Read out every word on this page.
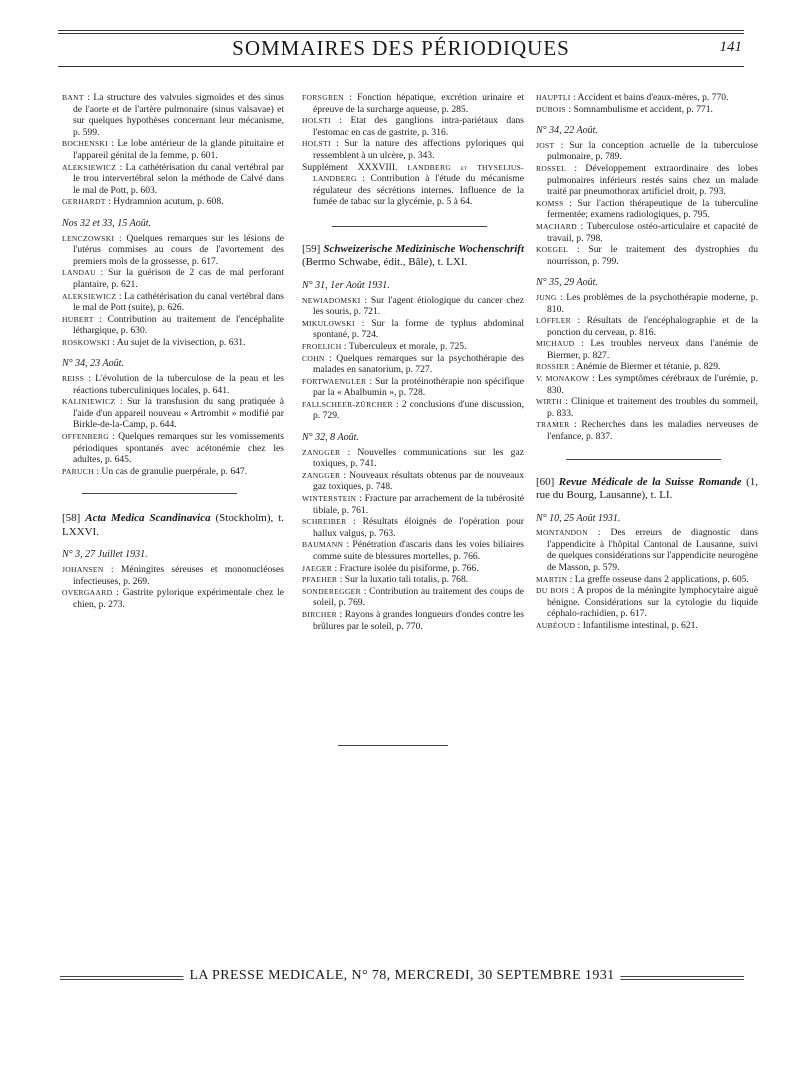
SOMMAIRES DES PÉRIODIQUES	141
BANT : La structure des valvules sigmoïdes et des sinus de l'aorte et de l'artère pulmonaire (sinus valsavae) et sur quelques hypothèses concernant leur mécanisme, p. 599.
BOCHENSKI : Le lobe antérieur de la glande pituitaire et l'appareil génital de la femme, p. 601.
ALEKSIEWICZ : La cathétérisation du canal vertébral par le trou intervertébral selon la méthode de Calvé dans le mal de Pott, p. 603.
GERHARDT : Hydramnion acutum, p. 608.
Nos 32 et 33, 15 Août.
LENCZOWSKI : Quelques remarques sur les lésions de l'utérus commises au cours de l'avortement des premiers mois de la grossesse, p. 617.
LANDAU : Sur la guérison de 2 cas de mal perforant plantaire, p. 621.
ALEKSIEWICZ : La cathétérisation du canal vertébral dans le mal de Pott (suite), p. 626.
HUBERT : Contribution au traitement de l'encéphalite léthargique, p. 630.
ROSKOWSKI : Au sujet de la vivisection, p. 631.
N° 34, 23 Août.
REISS : L'évolution de la tuberculose de la peau et les réactions tuberculiniques locales, p. 641.
KALINIEWICZ : Sur la transfusion du sang pratiquée à l'aide d'un appareil nouveau « Artrombit » modifié par Birkle-de-la-Camp, p. 644.
OFFENBERG : Quelques remarques sur les vomissements périodiques spontanés avec acétonémie chez les adultes, p. 645.
PARUCH : Un cas de granulie puerpérale, p. 647.
[58] Acta Medica Scandinavica (Stockholm), t. LXXVI.
N° 3, 27 Juillet 1931.
JOHANSEN : Méningites séreuses et mononucléoses infectieuses, p. 269.
OVERGAARD : Gastrite pylorique expérimentale chez le chien, p. 273.
FORSGREN : Fonction hépatique, excrétion urinaire et épreuve de la surcharge aqueuse, p. 285.
HOLSTI : Etat des ganglions intra-pariétaux dans l'estomac en cas de gastrite, p. 316.
HOLSTI : Sur la nature des affections pyloriques qui ressemblent à un ulcère, p. 343.
Supplément XXXVIII. LANDBERG et THYSELIUS-LANDBERG : Contribution à l'étude du mécanisme régulateur des sécrétions internes. Influence de la fumée de tabac sur la glycémie, p. 5 à 64.
[59] Schweizerische Medizinische Wochenschrift (Bermo Schwabe, édit., Bâle), t. LXI.
N° 31, 1er Août 1931.
NEWIADOMSKI : Sur l'agent étiologique du cancer chez les souris, p. 721.
MIKULOWSKI : Sur la forme de typhus abdominal spontané, p. 724.
FROELICH : Tuberculeux et morale, p. 725.
COHN : Quelques remarques sur la psychothérapie des malades en sanatorium, p. 727.
FORTWAENGLER : Sur la protéinothérapie non spécifique par la « Abalbumin », p. 728.
FALLSCHEER-ZÜRCHER : 2 conclusions d'une discussion, p. 729.
N° 32, 8 Août.
ZANGGER : Nouvelles communications sur les gaz toxiques, p. 741.
ZANGGER : Nouveaux résultats obtenus par de nouveaux gaz toxiques, p. 748.
WINTERSTEIN : Fracture par arrachement de la tubérosité tibiale, p. 761.
SCHREIBER : Résultats éloignés de l'opération pour hallux valgus, p. 763.
BAUMANN : Pénétration d'ascaris dans les voies biliaires comme suite de blessures mortelles, p. 766.
JAEGER : Fracture isolée du pisiforme, p. 766.
PFAEHER : Sur la luxatio tali totalis, p. 768.
SONDEREGGER : Contribution au traitement des coups de soleil, p. 769.
BIRCHER : Rayons à grandes longueurs d'ondes contre les brûlures par le soleil, p. 770.
HAUPTLI : Accident et bains d'eaux-mères, p. 770.
DUBOIS : Somnambulisme et accident, p. 771.
N° 34, 22 Août.
JOST : Sur la conception actuelle de la tuberculose pulmonaire, p. 789.
ROSSEL : Développement extraordinaire des lobes pulmonaires inférieurs restés sains chez un malade traité par pneumothorax artificiel droit, p. 793.
KOMSS : Sur l'action thérapeutique de la tuberculine fermentée; examens radiologiques, p. 795.
MACHARD : Tuberculose ostéo-articulaire et capacité de travail, p. 798.
KOEGEL : Sur le traitement des dystrophies du nourrisson, p. 799.
N° 35, 29 Août.
JUNG : Les problèmes de la psychothérapie moderne, p. 810.
LÖFFLER : Résultats de l'encéphalographie et de la ponction du cerveau, p. 816.
MICHAUD : Les troubles nerveux dans l'anémie de Biermer, p. 827.
ROSSIER : Anémie de Biermer et tétanie, p. 829.
V. MONAKOW : Les symptômes cérébraux de l'urémie, p. 830.
WIRTH : Clinique et traitement des troubles du sommeil, p. 833.
TRAMER : Recherches dans les maladies nerveuses de l'enfance, p. 837.
[60] Revue Médicale de la Suisse Romande (1, rue du Bourg, Lausanne), t. LI.
N° 10, 25 Août 1931.
MONTANDON : Des erreurs de diagnostic dans l'appendicite à l'hôpital Cantonal de Lausanne, suivi de quelques considérations sur l'appendicite neurogène de Masson, p. 579.
MARTIN : La greffe osseuse dans 2 applications, p. 605.
DU BOIS : A propos de la méningite lymphocytaire aiguë bénigne. Considérations sur la cytologie du liquide céphalo-rachidien, p. 617.
AUBÉOUD : Infantilisme intestinal, p. 621.
LA PRESSE MEDICALE, N° 78, MERCREDI, 30 SEPTEMBRE 1931
